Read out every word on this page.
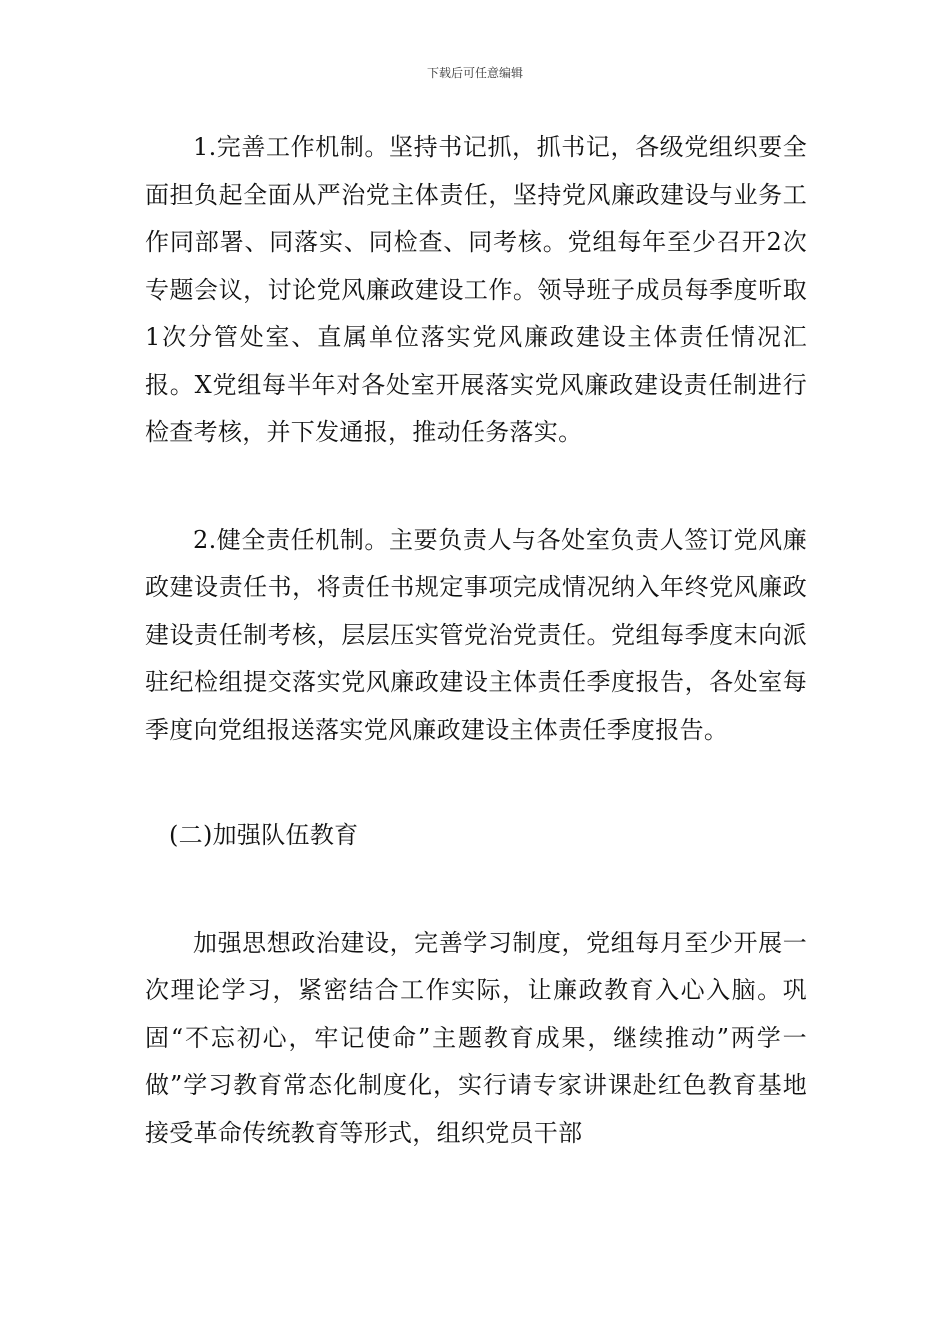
下载后可任意编辑

1.完善工作机制。坚持书记抓，抓书记，各级党组织要全面担负起全面从严治党主体责任，坚持党风廉政建设与业务工作同部署、同落实、同检查、同考核。党组每年至少召开2次专题会议，讨论党风廉政建设工作。领导班子成员每季度听取1次分管处室、直属单位落实党风廉政建设主体责任情况汇报。X党组每半年对各处室开展落实党风廉政建设责任制进行检查考核，并下发通报，推动任务落实。

2.健全责任机制。主要负责人与各处室负责人签订党风廉政建设责任书，将责任书规定事项完成情况纳入年终党风廉政建设责任制考核，层层压实管党治党责任。党组每季度末向派驻纪检组提交落实党风廉政建设主体责任季度报告，各处室每季度向党组报送落实党风廉政建设主体责任季度报告。

(二)加强队伍教育

加强思想政治建设，完善学习制度，党组每月至少开展一次理论学习，紧密结合工作实际，让廉政教育入心入脑。巩固“不忘初心，牢记使命”主题教育成果，继续推动”两学一做”学习教育常态化制度化，实行请专家讲课赴红色教育基地接受革命传统教育等形式，组织党员干部
